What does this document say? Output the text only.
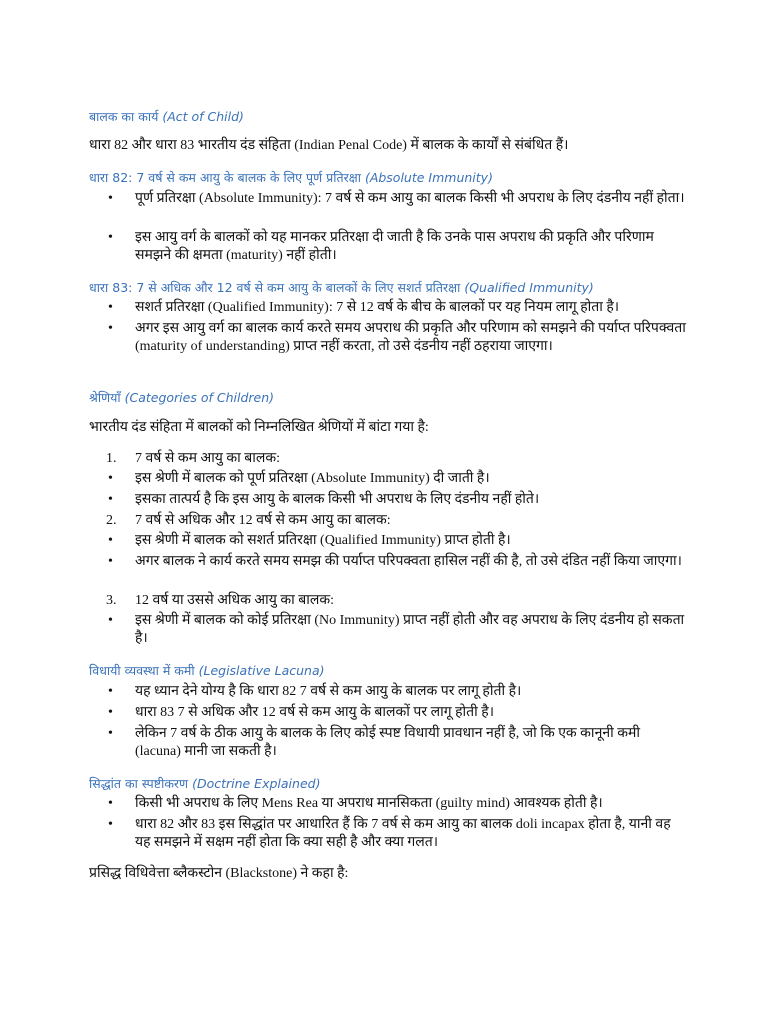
बालक का कार्य (Act of Child)
धारा 82 और धारा 83 भारतीय दंड संहिता (Indian Penal Code) में बालक के कार्यों से संबंधित हैं।
धारा 82: 7 वर्ष से कम आयु के बालक के लिए पूर्ण प्रतिरक्षा (Absolute Immunity)
•	पूर्ण प्रतिरक्षा (Absolute Immunity): 7 वर्ष से कम आयु का बालक किसी भी अपराध के लिए दंडनीय नहीं होता।
•	इस आयु वर्ग के बालकों को यह मानकर प्रतिरक्षा दी जाती है कि उनके पास अपराध की प्रकृति और परिणाम समझने की क्षमता (maturity) नहीं होती।
धारा 83: 7 से अधिक और 12 वर्ष से कम आयु के बालकों के लिए सशर्त प्रतिरक्षा (Qualified Immunity)
•	सशर्त प्रतिरक्षा (Qualified Immunity): 7 से 12 वर्ष के बीच के बालकों पर यह नियम लागू होता है।
•	अगर इस आयु वर्ग का बालक कार्य करते समय अपराध की प्रकृति और परिणाम को समझने की पर्याप्त परिपक्वता (maturity of understanding) प्राप्त नहीं करता, तो उसे दंडनीय नहीं ठहराया जाएगा।
श्रेणियाँ (Categories of Children)
भारतीय दंड संहिता में बालकों को निम्नलिखित श्रेणियों में बांटा गया है:
1.	7 वर्ष से कम आयु का बालक:
•	इस श्रेणी में बालक को पूर्ण प्रतिरक्षा (Absolute Immunity) दी जाती है।
•	इसका तात्पर्य है कि इस आयु के बालक किसी भी अपराध के लिए दंडनीय नहीं होते।
2.	7 वर्ष से अधिक और 12 वर्ष से कम आयु का बालक:
•	इस श्रेणी में बालक को सशर्त प्रतिरक्षा (Qualified Immunity) प्राप्त होती है।
•	अगर बालक ने कार्य करते समय समझ की पर्याप्त परिपक्वता हासिल नहीं की है, तो उसे दंडित नहीं किया जाएगा।
3.	12 वर्ष या उससे अधिक आयु का बालक:
•	इस श्रेणी में बालक को कोई प्रतिरक्षा (No Immunity) प्राप्त नहीं होती और वह अपराध के लिए दंडनीय हो सकता है।
विधायी व्यवस्था में कमी (Legislative Lacuna)
•	यह ध्यान देने योग्य है कि धारा 82 7 वर्ष से कम आयु के बालक पर लागू होती है।
•	धारा 83 7 से अधिक और 12 वर्ष से कम आयु के बालकों पर लागू होती है।
•	लेकिन 7 वर्ष के ठीक आयु के बालक के लिए कोई स्पष्ट विधायी प्रावधान नहीं है, जो कि एक कानूनी कमी (lacuna) मानी जा सकती है।
सिद्धांत का स्पष्टीकरण (Doctrine Explained)
•	किसी भी अपराध के लिए Mens Rea या अपराध मानसिकता (guilty mind) आवश्यक होती है।
•	धारा 82 और 83 इस सिद्धांत पर आधारित हैं कि 7 वर्ष से कम आयु का बालक doli incapax होता है, यानी वह यह समझने में सक्षम नहीं होता कि क्या सही है और क्या गलत।
प्रसिद्ध विधिवेत्ता ब्लैकस्टोन (Blackstone) ने कहा है:
